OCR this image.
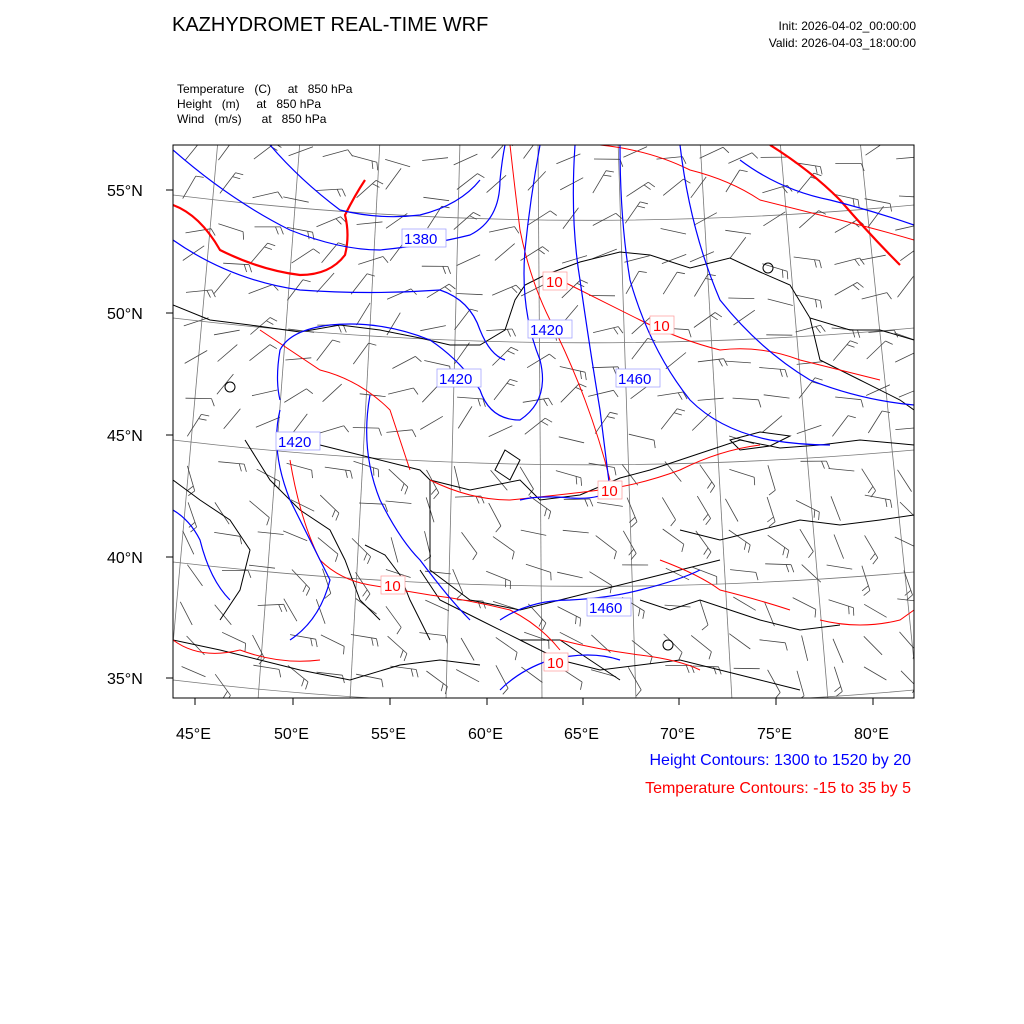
KAZHYDROMET REAL-TIME WRF	Init: 2026-04-02_00:00:00
Valid: 2026-04-03_18:00:00
Temperature   (C)     at   850 hPa
Height   (m)     at   850 hPa
Wind   (m/s)      at   850 hPa
1380
1420
1420	1460
1420
1460
10
10
10
10
10
55°N
50°N
45°N
40°N
35°N
45°E	50°E	55°E	60°E	65°E	70°E	75°E	80°E
Height Contours: 1300 to 1520 by 20
Temperature Contours: -15 to 35 by 5
